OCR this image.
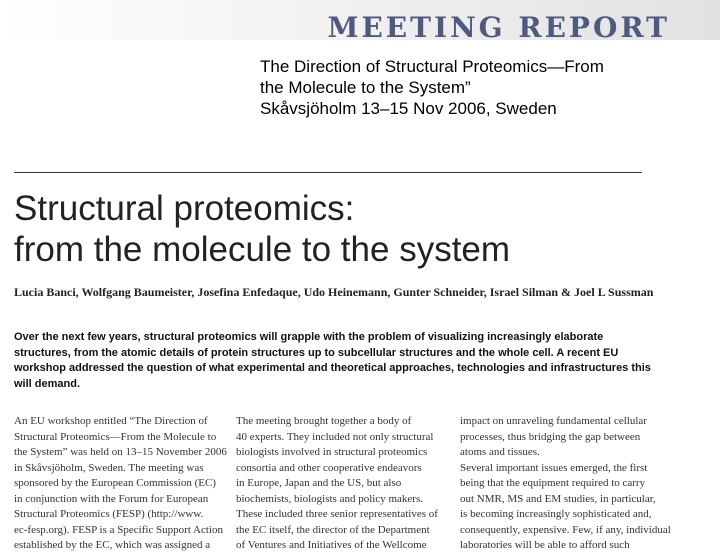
MEETING REPORT
The Direction of Structural Proteomics—From
the Molecule to the System”
Skåvsjöholm 13–15 Nov 2006, Sweden
Structural proteomics:
from the molecule to the system
Lucia Banci, Wolfgang Baumeister, Josefina Enfedaque, Udo Heinemann, Gunter Schneider, Israel Silman & Joel L Sussman
Over the next few years, structural proteomics will grapple with the problem of visualizing increasingly elaborate structures, from the atomic details of protein structures up to subcellular structures and the whole cell. A recent EU workshop addressed the question of what experimental and theoretical approaches, technologies and infrastructures this will demand.
An EU workshop entitled “The Direction of
Structural Proteomics—From the Molecule to
the System” was held on 13–15 November 2006
in Skåvsjöholm, Sweden. The meeting was
sponsored by the European Commission (EC)
in conjunction with the Forum for European
Structural Proteomics (FESP) (http://www.
ec-fesp.org). FESP is a Specific Support Action
established by the EC, which was assigned a
The meeting brought together a body of
40 experts. They included not only structural
biologists involved in structural proteomics
consortia and other cooperative endeavors
in Europe, Japan and the US, but also
biochemists, biologists and policy makers.
These included three senior representatives of
the EC itself, the director of the Department
of Ventures and Initiatives of the Wellcome
impact on unraveling fundamental cellular
processes, thus bridging the gap between
atoms and tissues.
Several important issues emerged, the first
being that the equipment required to carry
out NMR, MS and EM studies, in particular,
is becoming increasingly sophisticated and,
consequently, expensive. Few, if any, individual
laboratories will be able to afford such
